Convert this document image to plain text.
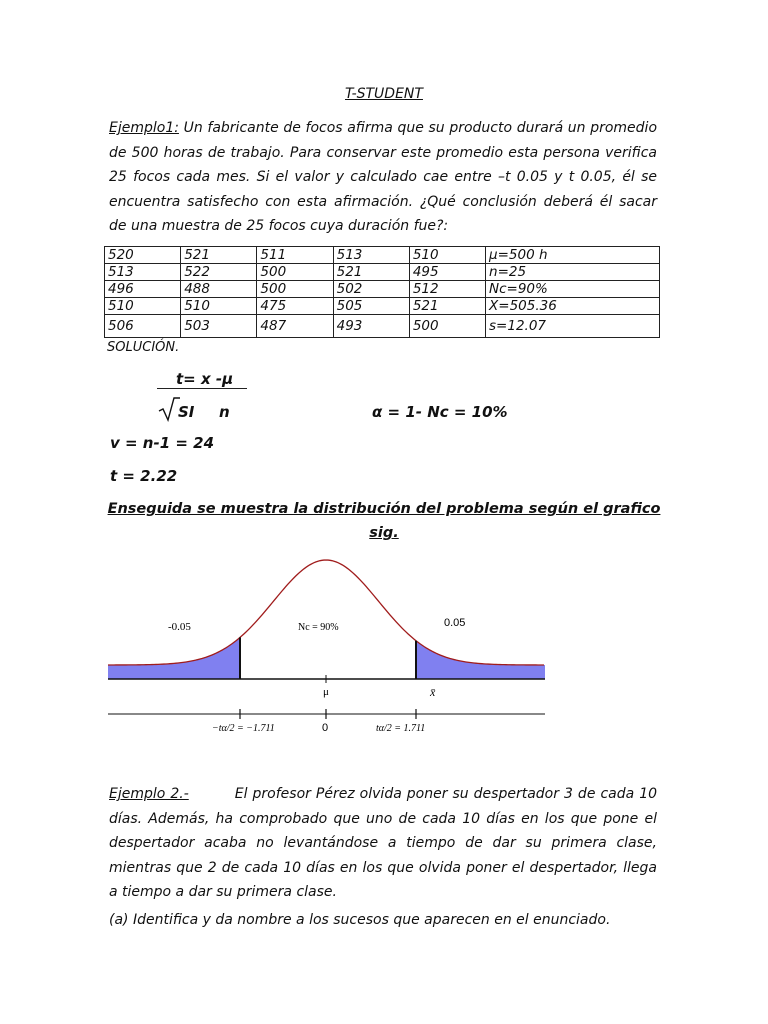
T-STUDENT
Ejemplo1: Un fabricante de focos afirma que su producto durará un promedio de 500 horas de trabajo. Para conservar este promedio esta persona verifica 25 focos cada mes. Si el valor y calculado cae entre –t 0.05 y t 0.05, él se encuentra satisfecho con esta afirmación. ¿Qué conclusión deberá él sacar de una muestra de 25 focos cuya duración fue?:
520	521	511	513	510	μ=500 h
513	522	500	521	495	n=25
496	488	500	502	512	Nc=90%
510	510	475	505	521	X=505.36
506	503	487	493	500	s=12.07
SOLUCIÓN.
t= x -μ
SI n	α = 1- Nc = 10%
v = n-1 = 24
t = 2.22
Enseguida se muestra la distribución del problema según el grafico sig.
-0.05	0.05
Nc = 90%
μ	x̄
−tα/2 = −1.711	0	tα/2 = 1.711
Ejemplo 2.-	El profesor Pérez olvida poner su despertador 3 de cada 10 días. Además, ha comprobado que uno de cada 10 días en los que pone el despertador acaba no levantándose a tiempo de dar su primera clase, mientras que 2 de cada 10 días en los que olvida poner el despertador, llega a tiempo a dar su primera clase.
(a) Identifica y da nombre a los sucesos que aparecen en el enunciado.
